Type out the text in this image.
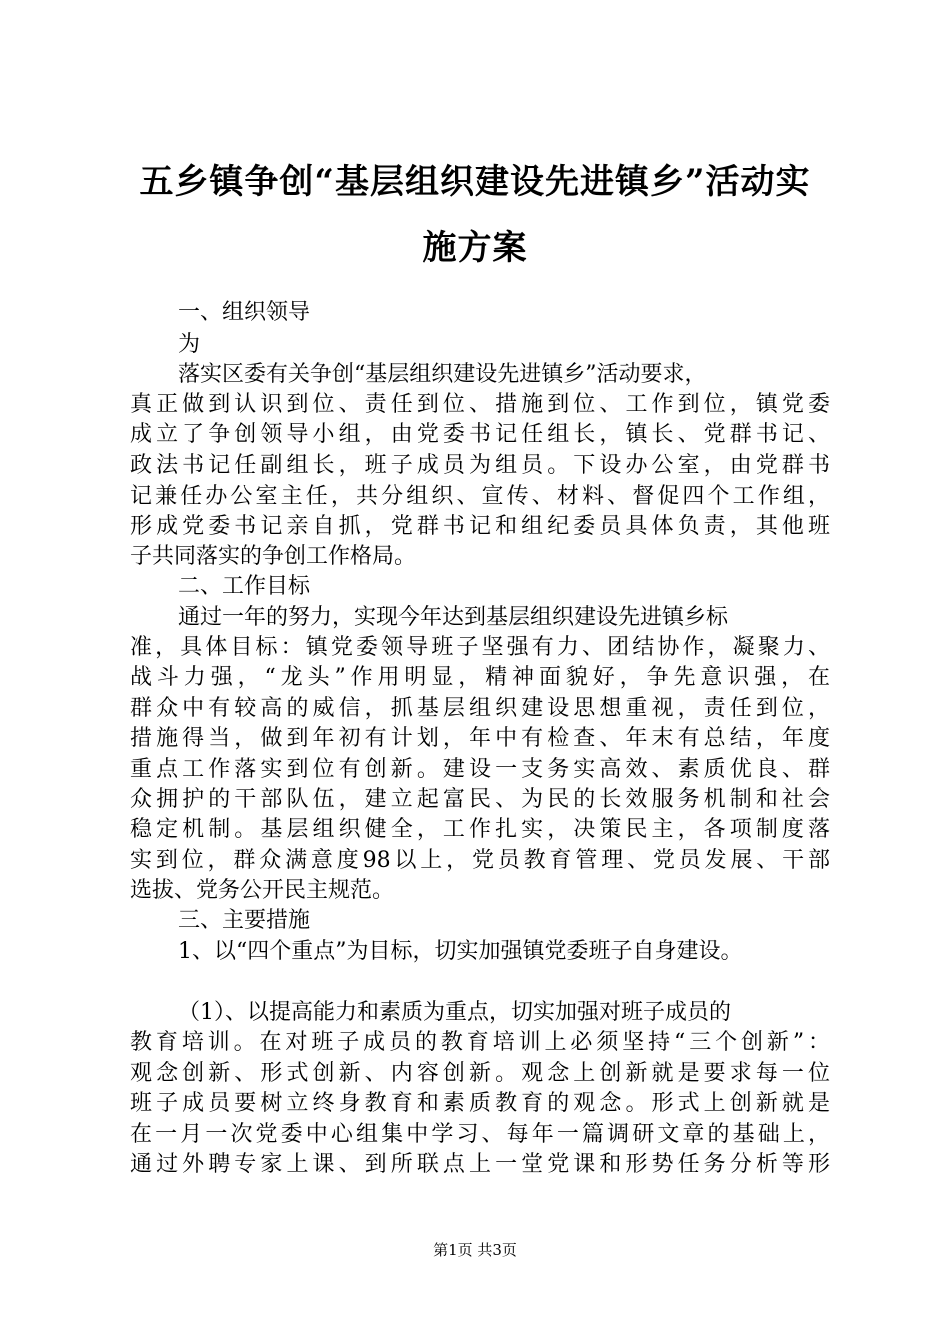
五乡镇争创“基层组织建设先进镇乡”活动实
施方案
一、组织领导
为
落实区委有关争创“基层组织建设先进镇乡”活动要求，
真正做到认识到位、责任到位、措施到位、工作到位，镇党委
成立了争创领导小组，由党委书记任组长，镇长、党群书记、
政法书记任副组长，班子成员为组员。下设办公室，由党群书
记兼任办公室主任，共分组织、宣传、材料、督促四个工作组，
形成党委书记亲自抓，党群书记和组纪委员具体负责，其他班
子共同落实的争创工作格局。
二、工作目标
通过一年的努力，实现今年达到基层组织建设先进镇乡标
准，具体目标：镇党委领导班子坚强有力、团结协作，凝聚力、
战斗力强，“龙头”作用明显，精神面貌好，争先意识强，在
群众中有较高的威信，抓基层组织建设思想重视，责任到位，
措施得当，做到年初有计划，年中有检查、年末有总结，年度
重点工作落实到位有创新。建设一支务实高效、素质优良、群
众拥护的干部队伍，建立起富民、为民的长效服务机制和社会
稳定机制。基层组织健全，工作扎实，决策民主，各项制度落
实到位，群众满意度98以上，党员教育管理、党员发展、干部
选拔、党务公开民主规范。
三、主要措施
1、以“四个重点”为目标，切实加强镇党委班子自身建设。
（1）、以提高能力和素质为重点，切实加强对班子成员的
教育培训。在对班子成员的教育培训上必须坚持“三个创新”：
观念创新、形式创新、内容创新。观念上创新就是要求每一位
班子成员要树立终身教育和素质教育的观念。形式上创新就是
在一月一次党委中心组集中学习、每年一篇调研文章的基础上，
通过外聘专家上课、到所联点上一堂党课和形势任务分析等形
第1页 共3页
